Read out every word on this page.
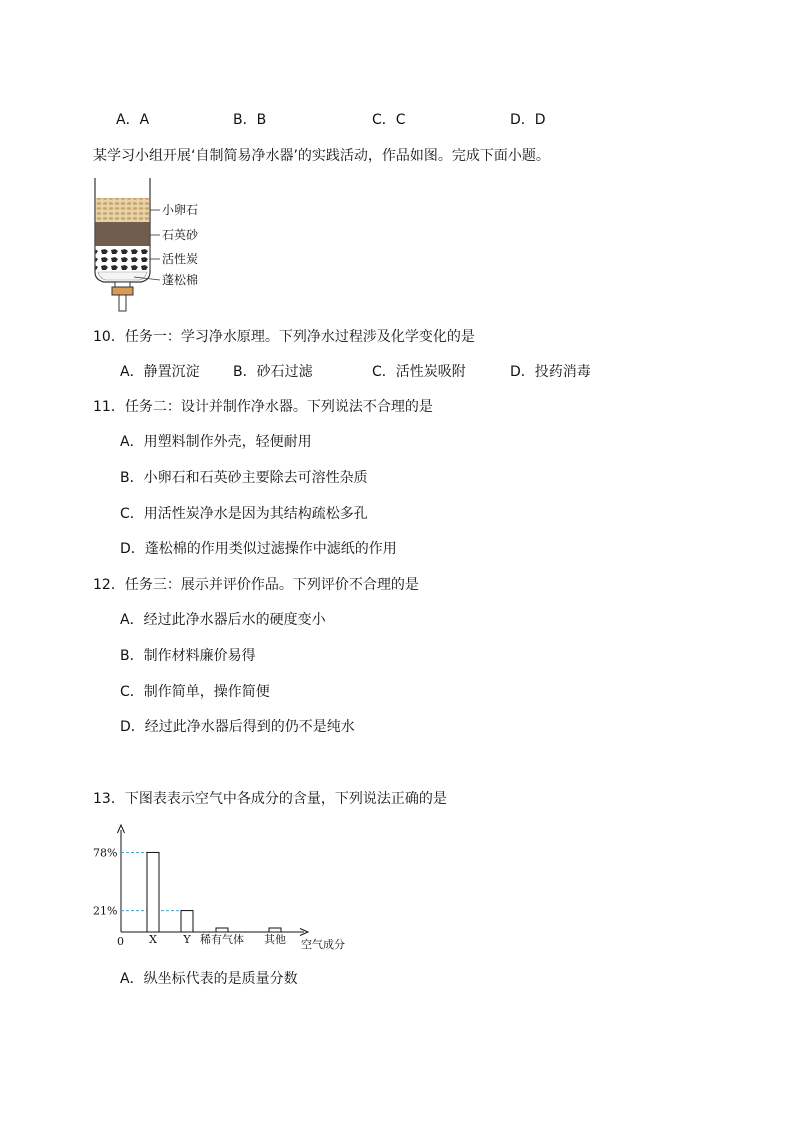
A．A	B．B	C．C	D．D
某学习小组开展‘自制简易净水器’的实践活动，作品如图。完成下面小题。
小卵石
石英砂
活性炭
蓬松棉
10．任务一：学习净水原理。下列净水过程涉及化学变化的是
A．静置沉淀 B．砂石过滤	C．活性炭吸附	D．投药消毒
11．任务二：设计并制作净水器。下列说法不合理的是
A．用塑料制作外壳，轻便耐用
B．小卵石和石英砂主要除去可溶性杂质
C．用活性炭净水是因为其结构疏松多孔
D．蓬松棉的作用类似过滤操作中滤纸的作用
12．任务三：展示并评价作品。下列评价不合理的是
A．经过此净水器后水的硬度变小
B．制作材料廉价易得
C．制作简单，操作简便
D．经过此净水器后得到的仍不是纯水
13．下图表表示空气中各成分的含量，下列说法正确的是
78%
21%
X Y 稀有气体 其他
0	空气成分
A．纵坐标代表的是质量分数
